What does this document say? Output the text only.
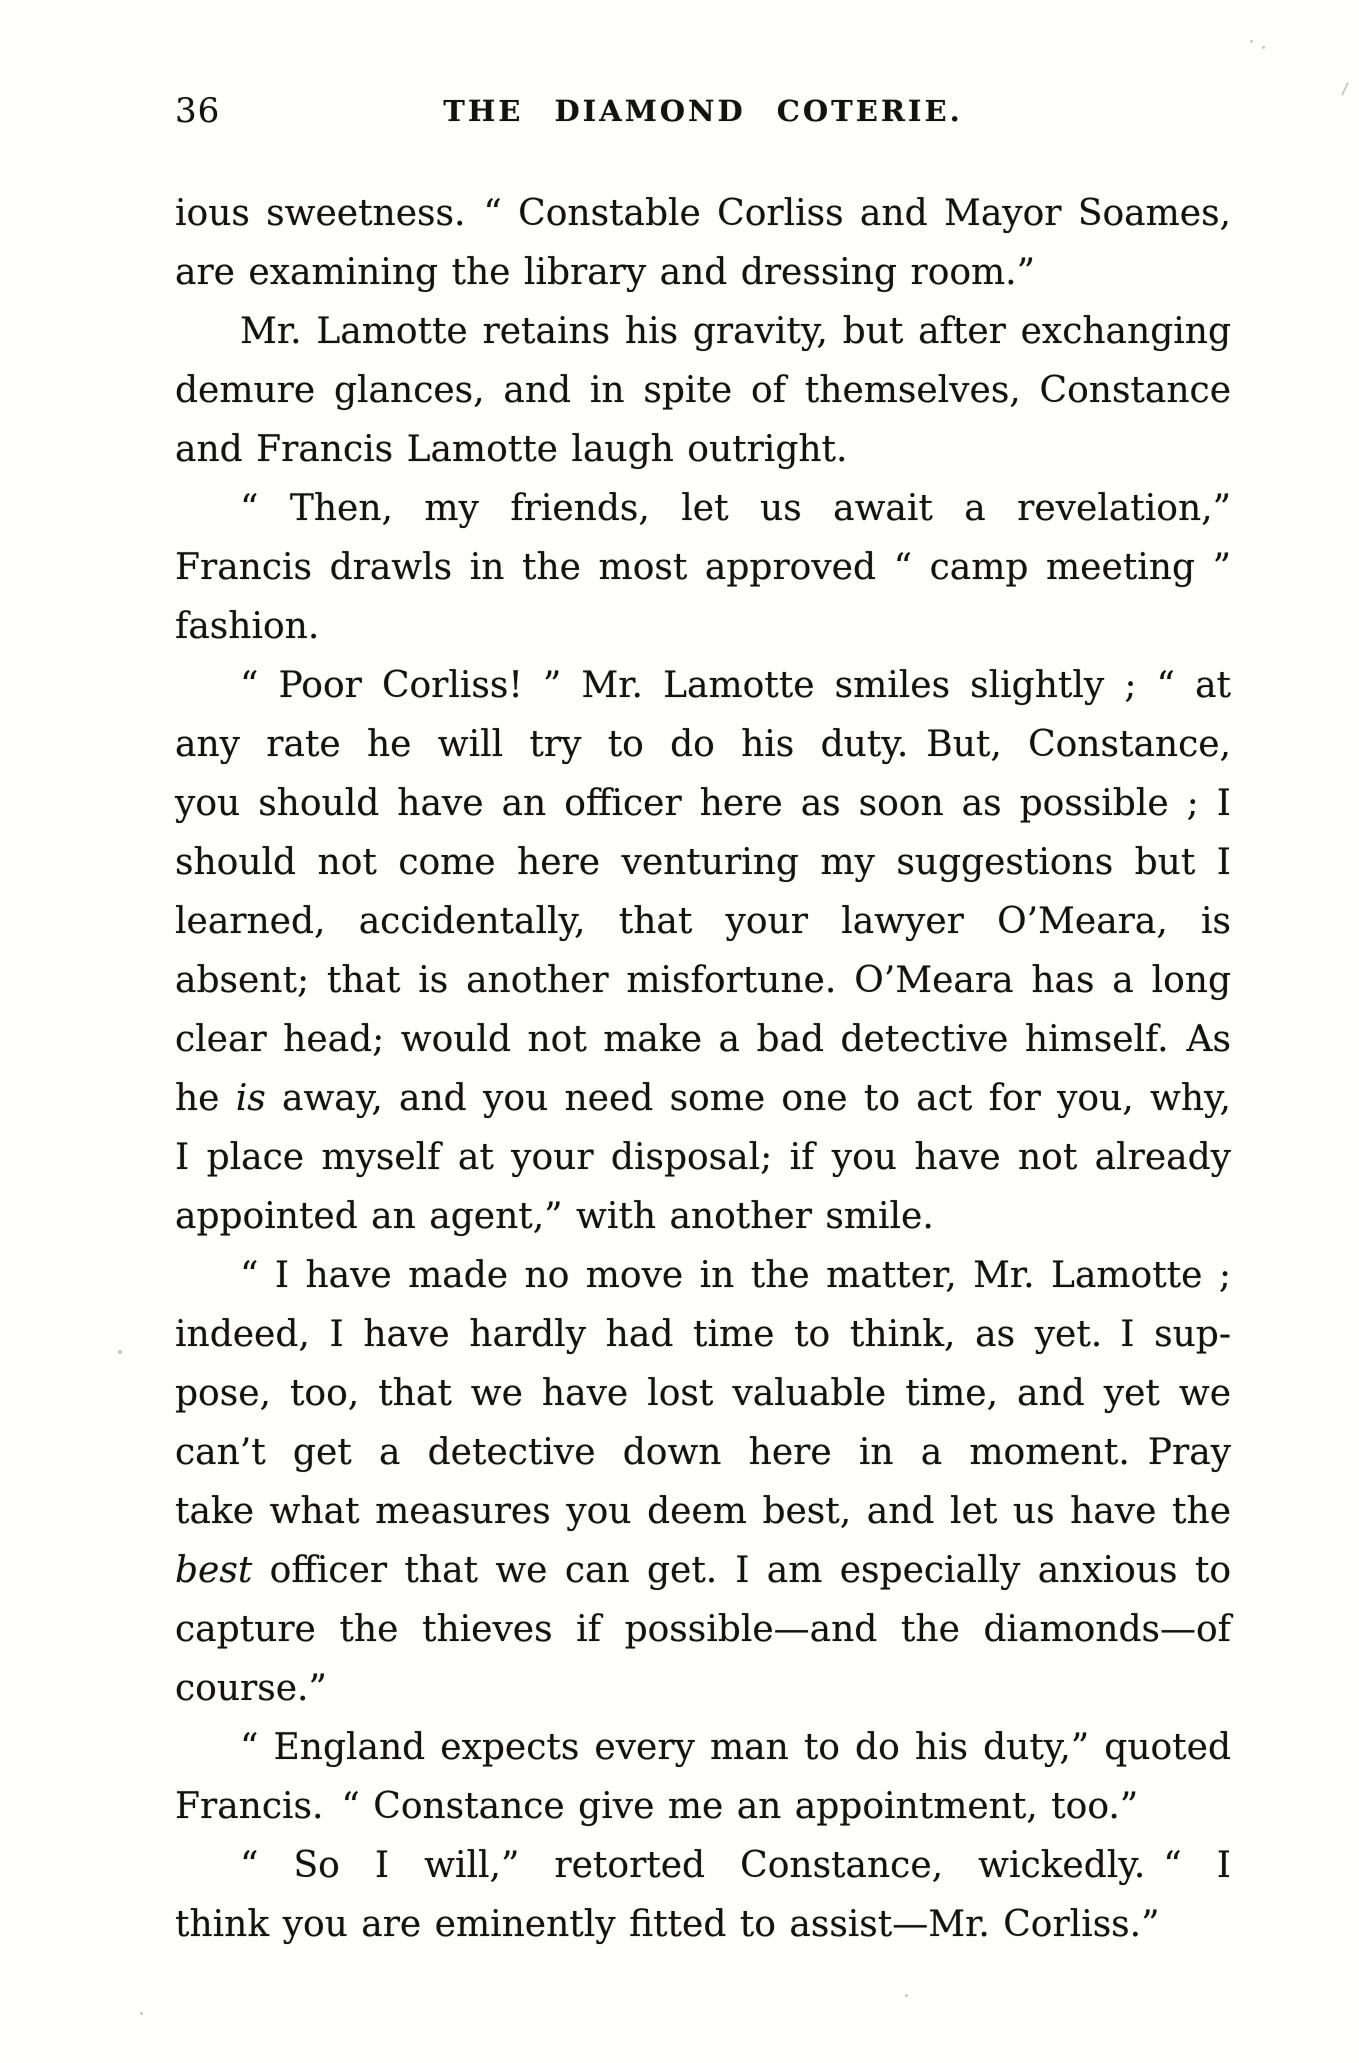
36	THE DIAMOND COTERIE.
ious sweetness. “ Constable Corliss and Mayor Soames,
are examining the library and dressing room.”
Mr. Lamotte retains his gravity, but after exchanging
demure glances, and in spite of themselves, Constance
and Francis Lamotte laugh outright.
“ Then, my friends, let us await a revelation,”
Francis drawls in the most approved “ camp meeting ”
fashion.
“ Poor Corliss! ” Mr. Lamotte smiles slightly ; “ at
any rate he will try to do his duty. But, Constance,
you should have an officer here as soon as possible ; I
should not come here venturing my suggestions but I
learned, accidentally, that your lawyer O’Meara, is
absent; that is another misfortune. O’Meara has a long
clear head; would not make a bad detective himself. As
he is away, and you need some one to act for you, why,
I place myself at your disposal; if you have not already
appointed an agent,” with another smile.
“ I have made no move in the matter, Mr. Lamotte ;
indeed, I have hardly had time to think, as yet. I sup-
pose, too, that we have lost valuable time, and yet we
can’t get a detective down here in a moment. Pray
take what measures you deem best, and let us have the
best officer that we can get. I am especially anxious to
capture the thieves if possible—and the diamonds—of
course.”
“ England expects every man to do his duty,” quoted
Francis. “ Constance give me an appointment, too.”
“ So I will,” retorted Constance, wickedly. “ I
think you are eminently fitted to assist—Mr. Corliss.”
